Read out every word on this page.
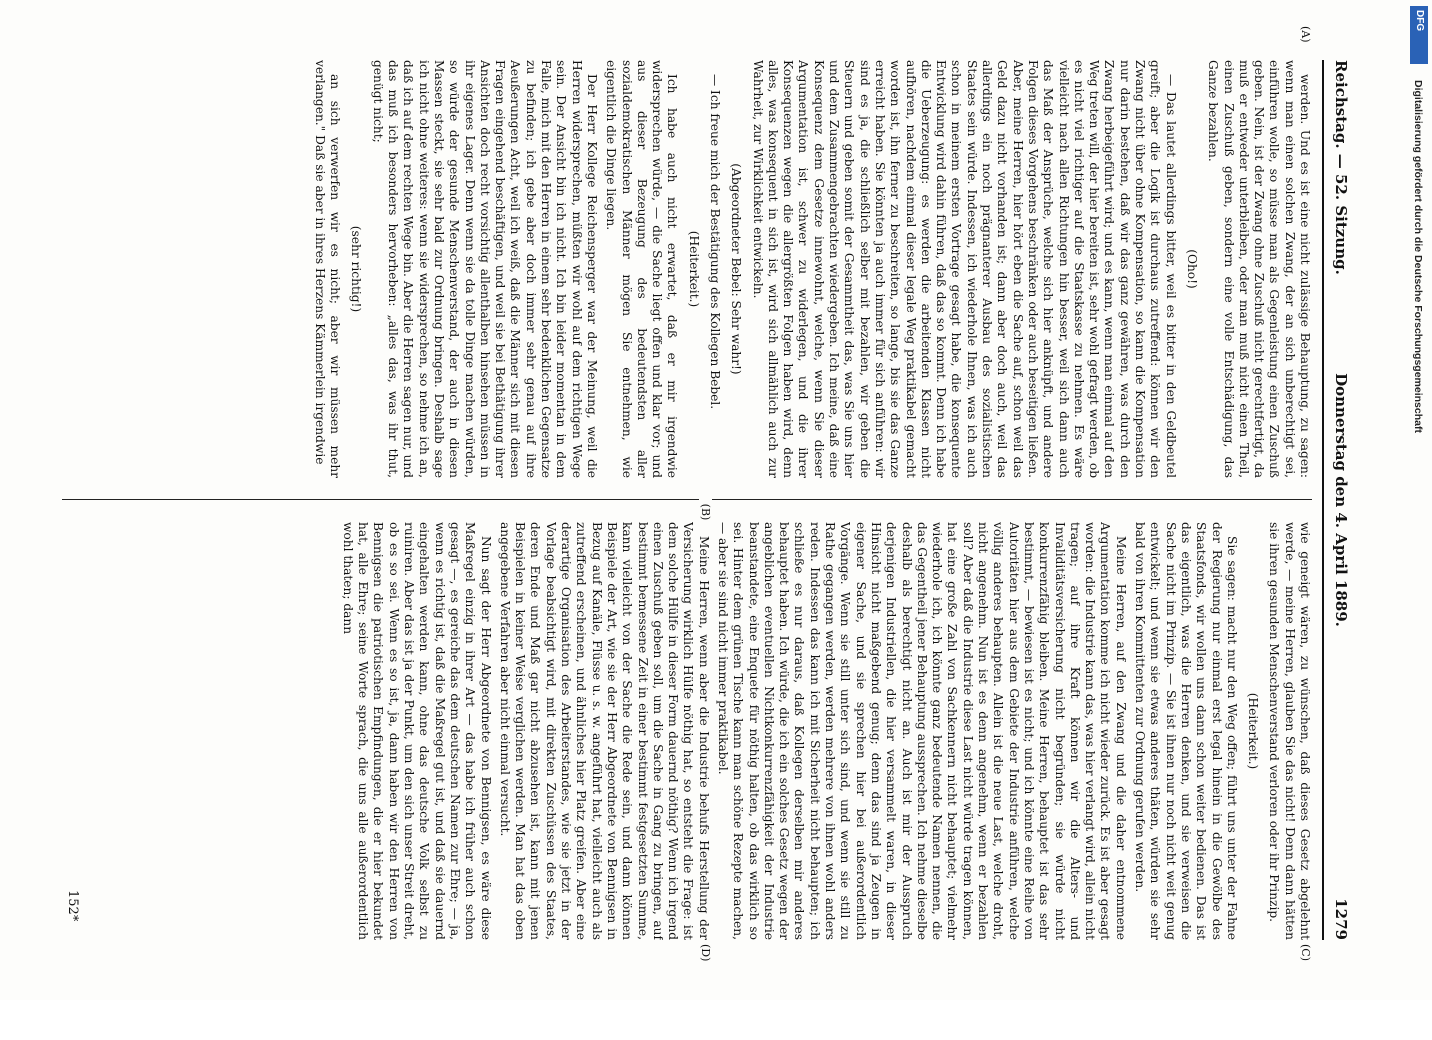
Reichstag. — 52. Sitzung.
Donnerstag den 4. April 1889.
1279

werden. Und es ist eine nicht zulässige Behauptung, zu sagen: wenn man einen solchen Zwang, der an sich unberechtigt sei, einführen wolle, so müsse man als Gegenleistung einen Zuschuß geben. Nein, ist der Zwang ohne Zuschuß nicht gerechtfertigt, da muß er entweder unterbleiben, oder man muß nicht einen Theil, einen Zuschuß geben, sondern eine volle Entschädigung, das Ganze bezahlen.

(Oho!)

— Das lautet allerdings bitter, weil es bitter in den Geldbeutel greift; aber die Logik ist durchaus zutreffend: können wir den Zwang nicht über ohne Kompensation, so kann die Kompensation nur darin bestehen, daß wir das ganz gewähren, was durch den Zwang herbeigeführt wird; und es kann, wenn man einmal auf den Weg treten will, der hier bereiten ist, sehr wohl gefragt werden, ob es nicht viel richtiger auf die Staatskasse zu nehmen. Es wäre vielleicht nach allen Richtungen hin besser, weil sich dann auch das Maß der Ansprüche, welche sich hier anknüpft, und andere Folgen dieses Vorgehens beschränken oder auch beseitigen ließen. Aber, meine Herren, hier hört eben die Sache auf, schon weil das Geld dazu nicht vorhanden ist; dann aber doch auch, weil das allerdings ein noch prägnanterer Ausbau des sozialistischen Staates sein würde. Indessen, ich wiederhole Ihnen, was ich auch schon in meinem ersten Vortrage gesagt habe, die konsequente Entwicklung wird dahin führen, daß das so kommt. Denn ich habe die Ueberzeugung: es werden die arbeitenden Klassen nicht aufhören, nachdem einmal dieser legale Weg praktikabel gemacht worden ist, ihn ferner zu beschreiten, so lange, bis sie das Ganze erreicht haben. Sie könnten ja auch immer für sich anführen: wir sind es ja, die schließlich selber mit bezahlen, wir geben die Steuern und geben somit der Gesammtheit das, was Sie uns hier und dem Zusammengebrachten wiedergeben. Ich meine, daß eine Konsequenz dem Gesetze innewohnt, welche, wenn Sie dieser Argumentation ist, schwer zu widerlegen, und die ihrer Konsequenzen wegen die allergrößten Folgen haben wird, denn alles, was konsequent in sich ist, wird sich allmählich auch zur Wahrheit, zur Wirklichkeit entwickeln.

(Abgeordneter Bebel: Sehr wahr!)

— Ich freue mich der Bestätigung des Kollegen Bebel.

(Heiterkeit.)

Ich habe auch nicht erwartet, daß er mir irgendwie widersprechen würde, — die Sache liegt offen und klar vor; und aus dieser Bezeugung des bedeutendsten aller sozialdemokratischen Männer mögen Sie entnehmen, wie eigentlich die Dinge liegen.

Der Herr Kollege Reichensperger war der Meinung, weil die Herren widersprechen, müßten wir wohl auf dem richtigen Wege sein. Der Ansicht bin ich nicht. Ich bin leider momentan in dem Falle, mich mit den Herren in einem sehr bedenklichen Gegensatze zu befinden; ich gebe aber doch immer sehr genau auf ihre Aeußerungen Acht, weil ich weiß, daß die Männer sich mit diesen Fragen eingehend beschäftigen, und weil sie bei Bethätigung ihrer Ansichten doch recht vorsichtig allenthalben hinsehen müssen in ihr eigenes Lager. Denn wenn sie da tolle Dinge machen würden, so würde der gesunde Menschenverstand, der auch in diesen Massen steckt, sie sehr bald zur Ordnung bringen. Deshalb sage ich nicht ohne weiteres: wenn sie widersprechen, so nehme ich an, daß ich auf dem rechten Wege bin. Aber die Herren sagen nur, und das muß ich besonders hervorheben: „alles das, was ihr thut, genügt nicht;

(sehr richtig!)

an sich verwerfen wir es nicht; aber wir müssen mehr verlangen." Daß sie aber in ihres Herzens Kämmerlein irgendwie

wie geneigt wären, zu wünschen, daß dieses Gesetz abgelehnt werde, — meine Herren, glauben Sie das nicht! Denn dann hätten sie ihren gesunden Menschenverstand verloren oder ihr Prinzip.

(Heiterkeit.)

Sie sagen: macht nur den Weg offen; führt uns unter der Fahne der Regierung nur einmal erst legal hinein in die Gewölbe des Staatsfonds, wir wollen uns dann schon weiter bedienen. Das ist das eigentlich, was die Herren denken, und sie verweisen die Sache nicht im Prinzip. — Sie ist ihnen nur noch nicht weit genug entwickelt; und wenn sie etwas anderes thäten, würden sie sehr bald von ihren Kommittenten zur Ordnung gerufen werden.

Meine Herren, auf den Zwang und die daher entnommene Argumentation komme ich nicht wieder zurück. Es ist aber gesagt worden: die Industrie kann das, was hier verlangt wird, allein nicht tragen; auf ihre Kraft können wir die Alters- und Invaliditätsversicherung nicht begründen; sie würde nicht konkurrenzfähig bleiben. Meine Herren, behauptet ist das sehr bestimmt, — bewiesen ist es nicht; und ich könnte eine Reihe von Autoritäten hier aus dem Gebiete der Industrie anführen, welche völlig anderes behaupten. Allein ist die neue Last, welche droht, nicht angenehm. Nun ist es denn angenehm, wenn er bezahlen soll? Aber daß die Industrie diese Last nicht würde tragen können, hat eine große Zahl von Sachkennern nicht behauptet; vielmehr wiederhole ich, ich könnte ganz bedeutende Namen nennen, die das Gegentheil jener Behauptung aussprechen. Ich nehme dieselbe deshalb als berechtigt nicht an. Auch ist mir der Ausspruch derjenigen Industriellen, die hier versammelt waren, in dieser Hinsicht nicht maßgebend genug; denn das sind ja Zeugen in eigener Sache, und sie sprechen hier bei außerordentlich Vorgänge. Wenn sie still unter sich sind, und wenn sie still zu Rathe gegangen werden, werden mehrere von ihnen wohl anders reden. Indessen das kann ich mit Sicherheit nicht behaupten; ich schließe es nur daraus, daß Kollegen derselben mir anderes behauptet haben. Ich würde, die ich ein solches Gesetz wegen der angeblichen eventuellen Nichtkonkurrenzfähigkeit der Industrie beanstandete, eine Enquete für nöthig halten, ob das wirklich so sei. Hinter dem grünen Tische kann man schöne Rezepte machen, — aber sie sind nicht immer praktikabel.

Meine Herren, wenn aber die Industrie behufs Herstellung der Versicherung wirklich Hülfe nöthig hat, so entsteht die Frage: ist dem solche Hülfe in dieser Form dauernd nöthig? Wenn ich irgend einen Zuschuß geben soll, um die Sache in Gang zu bringen, auf bestimmt bemessene Zeit in einer bestimmt festgesetzten Summe, kann vielleicht von der Sache die Rede sein, und dann können Beispiele der Art, wie sie der Herr Abgeordnete von Bennigsen in Bezug auf Kanäle, Flüsse u. s. w. angeführt hat, vielleicht auch als zutreffend erscheinen, und ähnliches hier Platz greifen. Aber eine derartige Organisation des Arbeiterstandes, wie sie jetzt in der Vorlage beabsichtigt wird, mit direkten Zuschüssen des Staates, deren Ende und Maß gar nicht abzusehen ist, kann mit jenen Beispielen in keiner Weise verglichen werden. Man hat das oben angegebene Verfahren aber nicht einmal versucht.

Nun sagt der Herr Abgeordnete von Bennigsen, es wäre diese Maßregel einzig in ihrer Art — das habe ich früher auch schon gesagt —, es gereiche das dem deutschen Namen zur Ehre; — ja, wenn es richtig ist, daß die Maßregel gut ist, und daß sie dauernd eingehalten werden kann, ohne das deutsche Volk selbst zu ruiniren. Aber das ist ja der Punkt, um den sich unser Streit dreht, ob es so sei. Wenn es so ist, ja, dann haben wir den Herren von Bennigsen die patriotischen Empfindungen, die er hier bekundet hat, alle Ehre; seine Worte sprach, die uns alle außerordentlich wohl thaten; dann

(A)
(B)
(C)
(D)
152*
DFG
Digitalisierung gefördert durch die Deutsche Forschungsgemeinschaft
